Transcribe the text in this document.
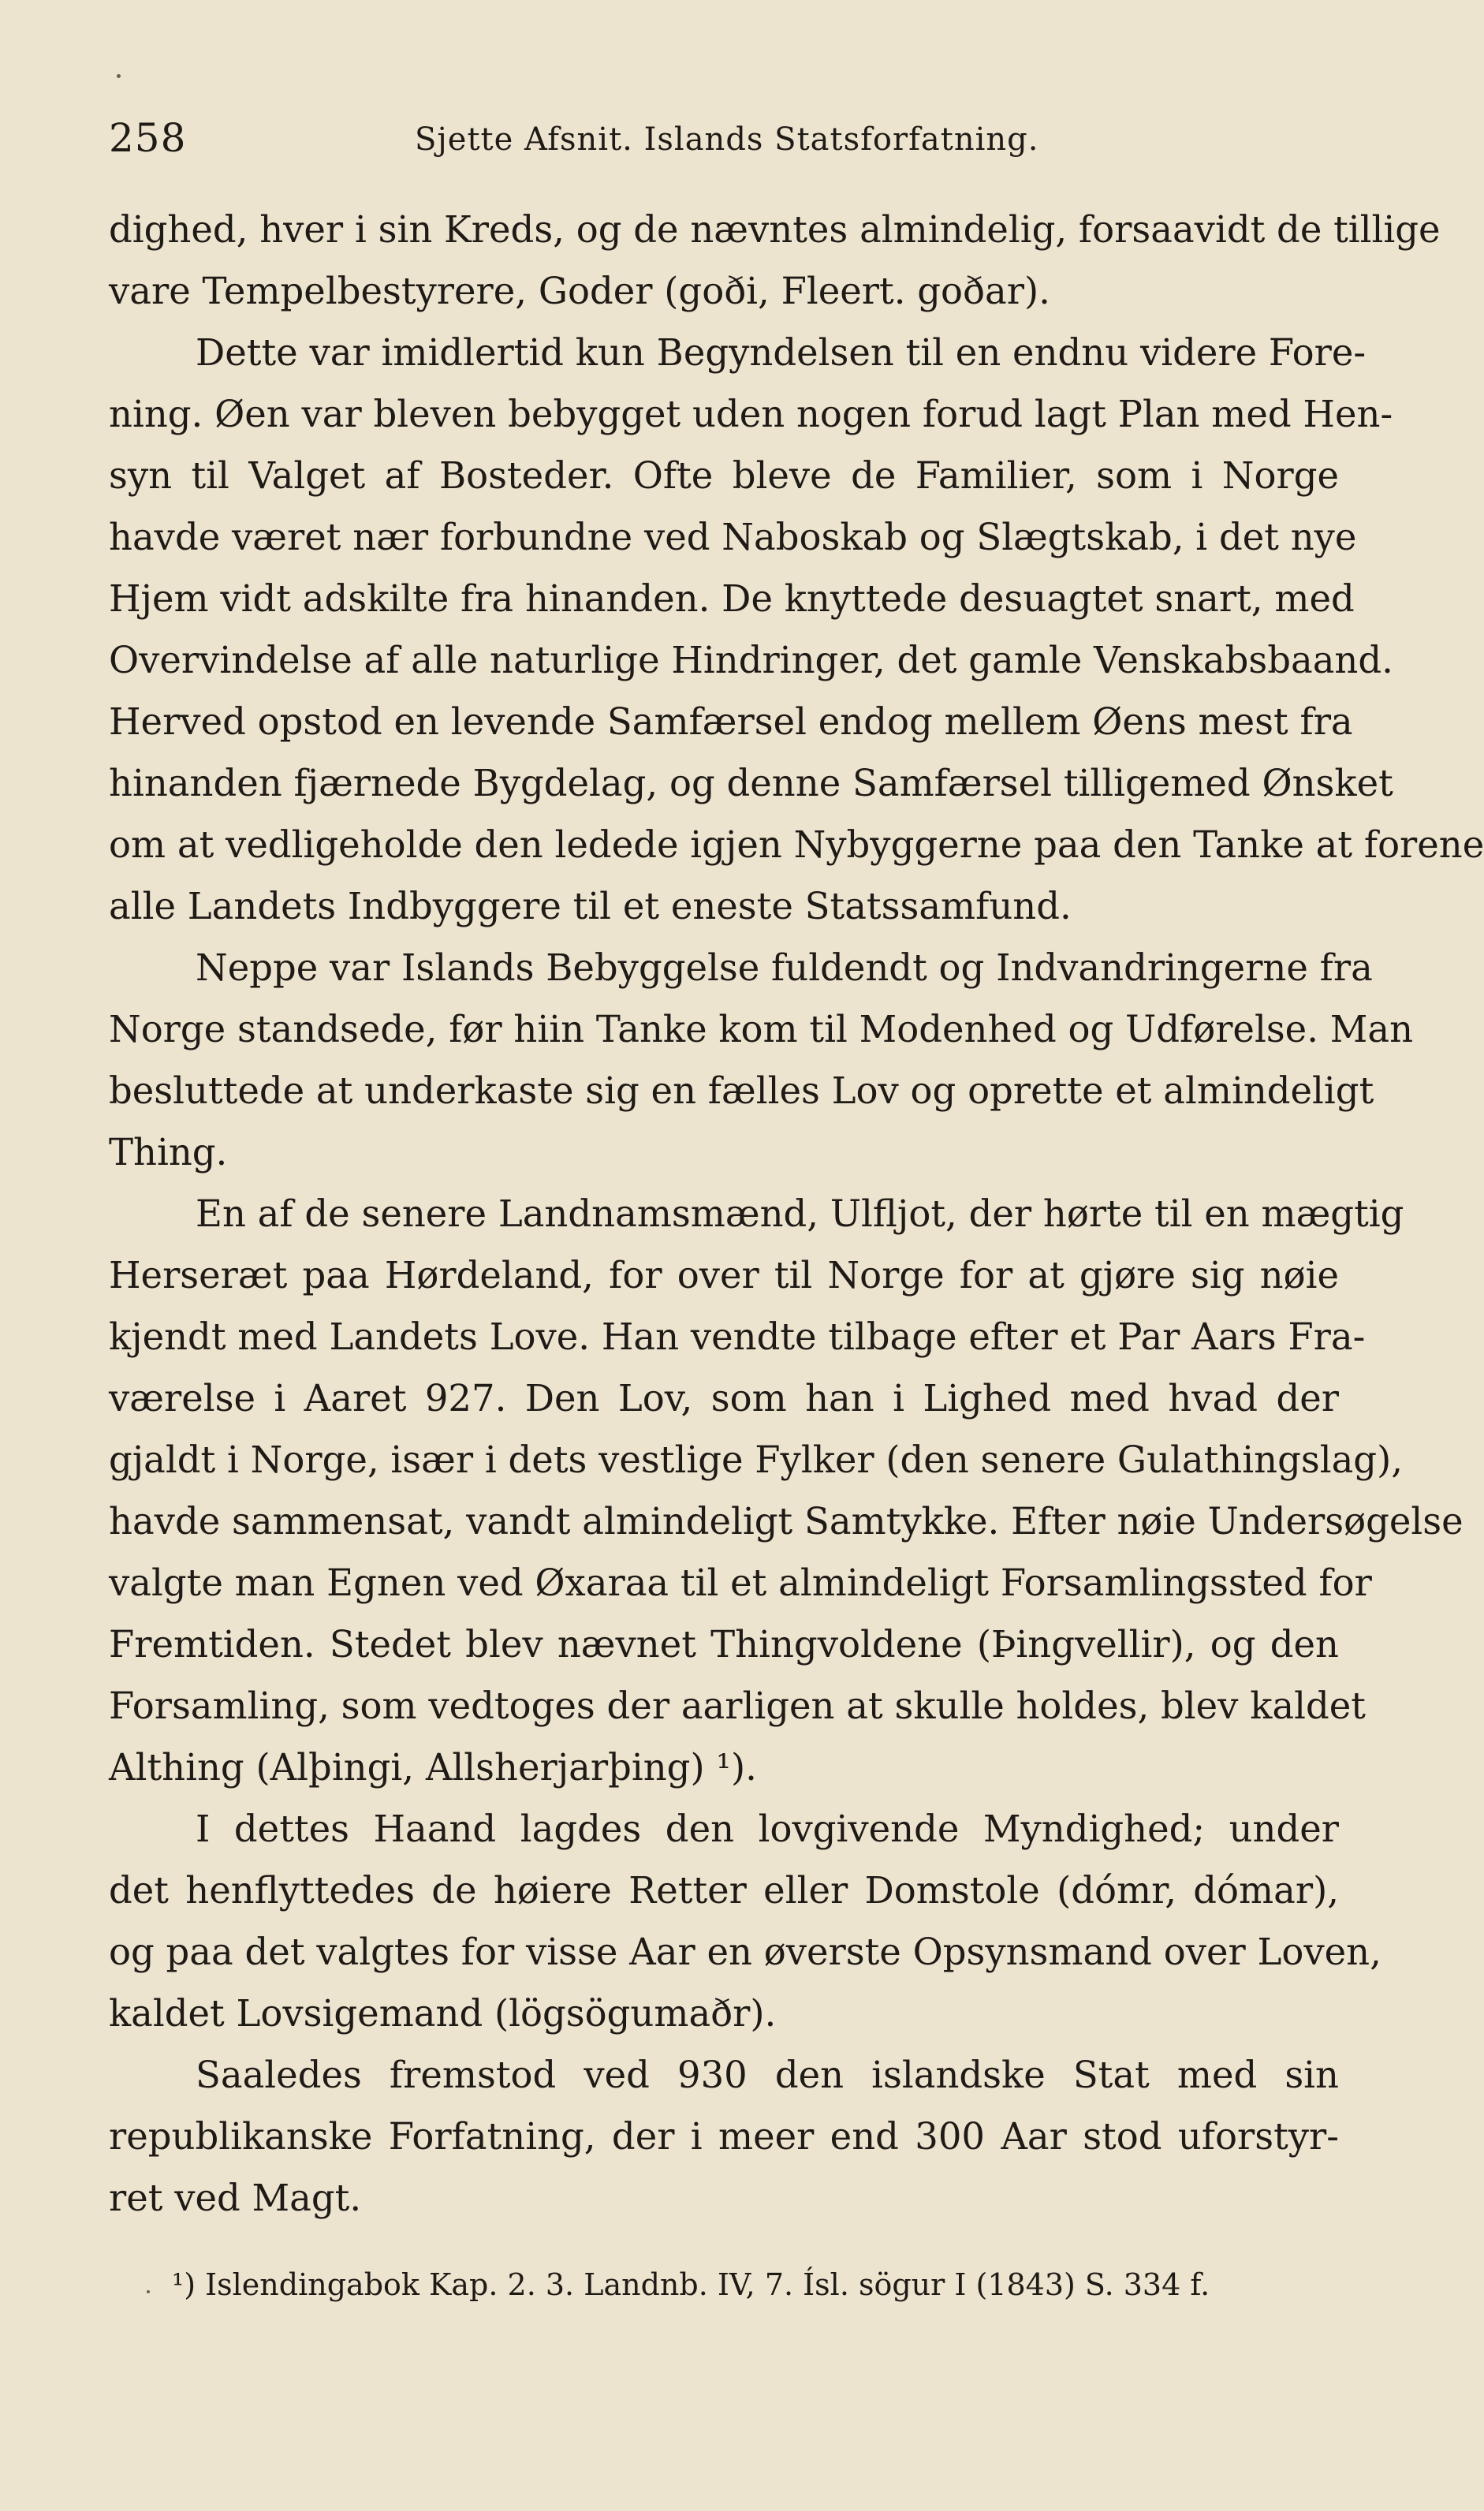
258	Sjette Afsnit. Islands Statsforfatning.
dighed, hver i sin Kreds, og de nævntes almindelig, forsaavidt de tillige
vare Tempelbestyrere, Goder (goði, Fleert. goðar).
Dette var imidlertid kun Begyndelsen til en endnu videre Fore-
ning. Øen var bleven bebygget uden nogen forud lagt Plan med Hen-
syn til Valget af Bosteder. Ofte bleve de Familier, som i Norge
havde været nær forbundne ved Naboskab og Slægtskab, i det nye
Hjem vidt adskilte fra hinanden. De knyttede desuagtet snart, med
Overvindelse af alle naturlige Hindringer, det gamle Venskabsbaand.
Herved opstod en levende Samfærsel endog mellem Øens mest fra
hinanden fjærnede Bygdelag, og denne Samfærsel tilligemed Ønsket
om at vedligeholde den ledede igjen Nybyggerne paa den Tanke at forene
alle Landets Indbyggere til et eneste Statssamfund.
Neppe var Islands Bebyggelse fuldendt og Indvandringerne fra
Norge standsede, før hiin Tanke kom til Modenhed og Udførelse. Man
besluttede at underkaste sig en fælles Lov og oprette et almindeligt
Thing.
En af de senere Landnamsmænd, Ulfljot, der hørte til en mægtig
Herseræt paa Hørdeland, for over til Norge for at gjøre sig nøie
kjendt med Landets Love. Han vendte tilbage efter et Par Aars Fra-
værelse i Aaret 927. Den Lov, som han i Lighed med hvad der
gjaldt i Norge, især i dets vestlige Fylker (den senere Gulathingslag),
havde sammensat, vandt almindeligt Samtykke. Efter nøie Undersøgelse
valgte man Egnen ved Øxaraa til et almindeligt Forsamlingssted for
Fremtiden. Stedet blev nævnet Thingvoldene (Þingvellir), og den
Forsamling, som vedtoges der aarligen at skulle holdes, blev kaldet
Althing (Alþingi, Allsherjarþing) ¹).
I dettes Haand lagdes den lovgivende Myndighed; under
det henflyttedes de høiere Retter eller Domstole (dómr, dómar),
og paa det valgtes for visse Aar en øverste Opsynsmand over Loven,
kaldet Lovsigemand (lögsögumaðr).
Saaledes fremstod ved 930 den islandske Stat med sin
republikanske Forfatning, der i meer end 300 Aar stod uforstyr-
ret ved Magt.
¹) Islendingabok Kap. 2. 3. Landnb. IV, 7. Ísl. sögur I (1843) S. 334 f.
